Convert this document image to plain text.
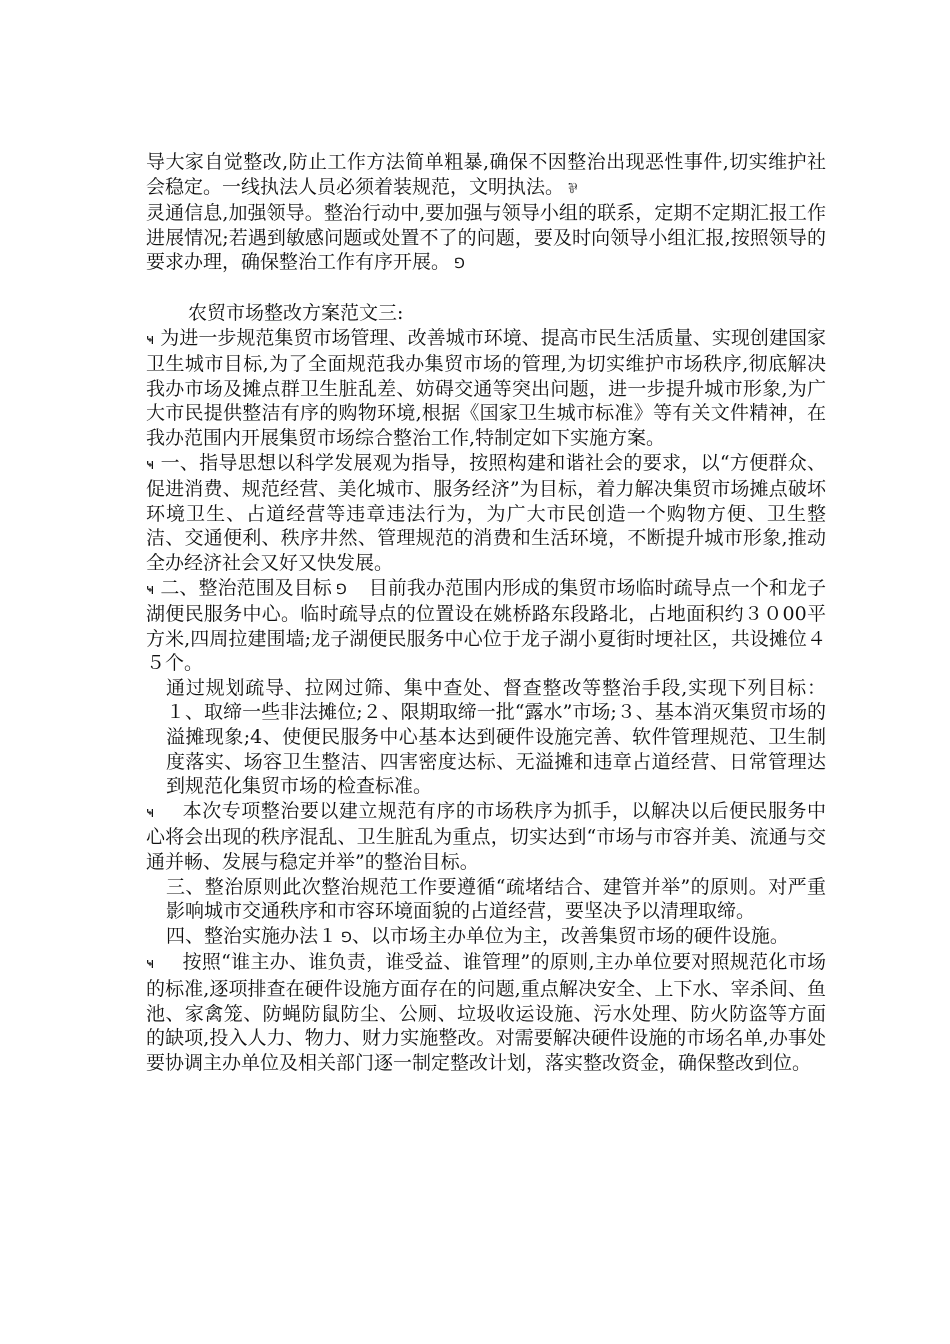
导大家自觉整改,防止工作方法简单粗暴,确保不因整治出现恶性事件,切实维护社会稳定。一线执法人员必须着装规范，文明执法。 ⅌

灵通信息,加强领导。整治行动中,要加强与领导小组的联系，定期不定期汇报工作进展情况;若遇到敏感问题或处置不了的问题，要及时向领导小组汇报,按照领导的要求办理，确保整治工作有序开展。 ⅁

农贸市场整改方案范文三:

ҹ 为进一步规范集贸市场管理、改善城市环境、提高市民生活质量、实现创建国家卫生城市目标,为了全面规范我办集贸市场的管理,为切实维护市场秩序,彻底解决我办市场及摊点群卫生脏乱差、妨碍交通等突出问题，进一步提升城市形象,为广大市民提供整洁有序的购物环境,根据《国家卫生城市标准》等有关文件精神，在我办范围内开展集贸市场综合整治工作,特制定如下实施方案。

ҹ 一、指导思想以科学发展观为指导，按照构建和谐社会的要求，以“方便群众、促进消费、规范经营、美化城市、服务经济”为目标，着力解决集贸市场摊点破坏环境卫生、占道经营等违章违法行为，为广大市民创造一个购物方便、卫生整洁、交通便利、秩序井然、管理规范的消费和生活环境，不断提升城市形象,推动全办经济社会又好又快发展。

ҹ 二、整治范围及目标 ⅁ 目前我办范围内形成的集贸市场临时疏导点一个和龙子湖便民服务中心。临时疏导点的位置设在姚桥路东段路北，占地面积约３０00平方米,四周拉建围墙;龙子湖便民服务中心位于龙子湖小夏街时埂社区，共设摊位４５个。

通过规划疏导、拉网过筛、集中查处、督查整改等整治手段,实现下列目标：１、取缔一些非法摊位;２、限期取缔一批“露水”市场;３、基本消灭集贸市场的溢摊现象;4、使便民服务中心基本达到硬件设施完善、软件管理规范、卫生制度落实、场容卫生整洁、四害密度达标、无溢摊和违章占道经营、日常管理达到规范化集贸市场的检查标准。

ҹ 本次专项整治要以建立规范有序的市场秩序为抓手，以解决以后便民服务中心将会出现的秩序混乱、卫生脏乱为重点，切实达到“市场与市容并美、流通与交通并畅、发展与稳定并举”的整治目标。

三、整治原则此次整治规范工作要遵循“疏堵结合、建管并举”的原则。对严重影响城市交通秩序和市容环境面貌的占道经营，要坚决予以清理取缔。

四、整治实施办法１ ⅁、以市场主办单位为主，改善集贸市场的硬件设施。

ҹ 按照“谁主办、谁负责，谁受益、谁管理”的原则,主办单位要对照规范化市场的标准,逐项排查在硬件设施方面存在的问题,重点解决安全、上下水、宰杀间、鱼池、家禽笼、防蝇防鼠防尘、公厕、垃圾收运设施、污水处理、防火防盗等方面的缺项,投入人力、物力、财力实施整改。对需要解决硬件设施的市场名单,办事处要协调主办单位及相关部门逐一制定整改计划，落实整改资金，确保整改到位。
